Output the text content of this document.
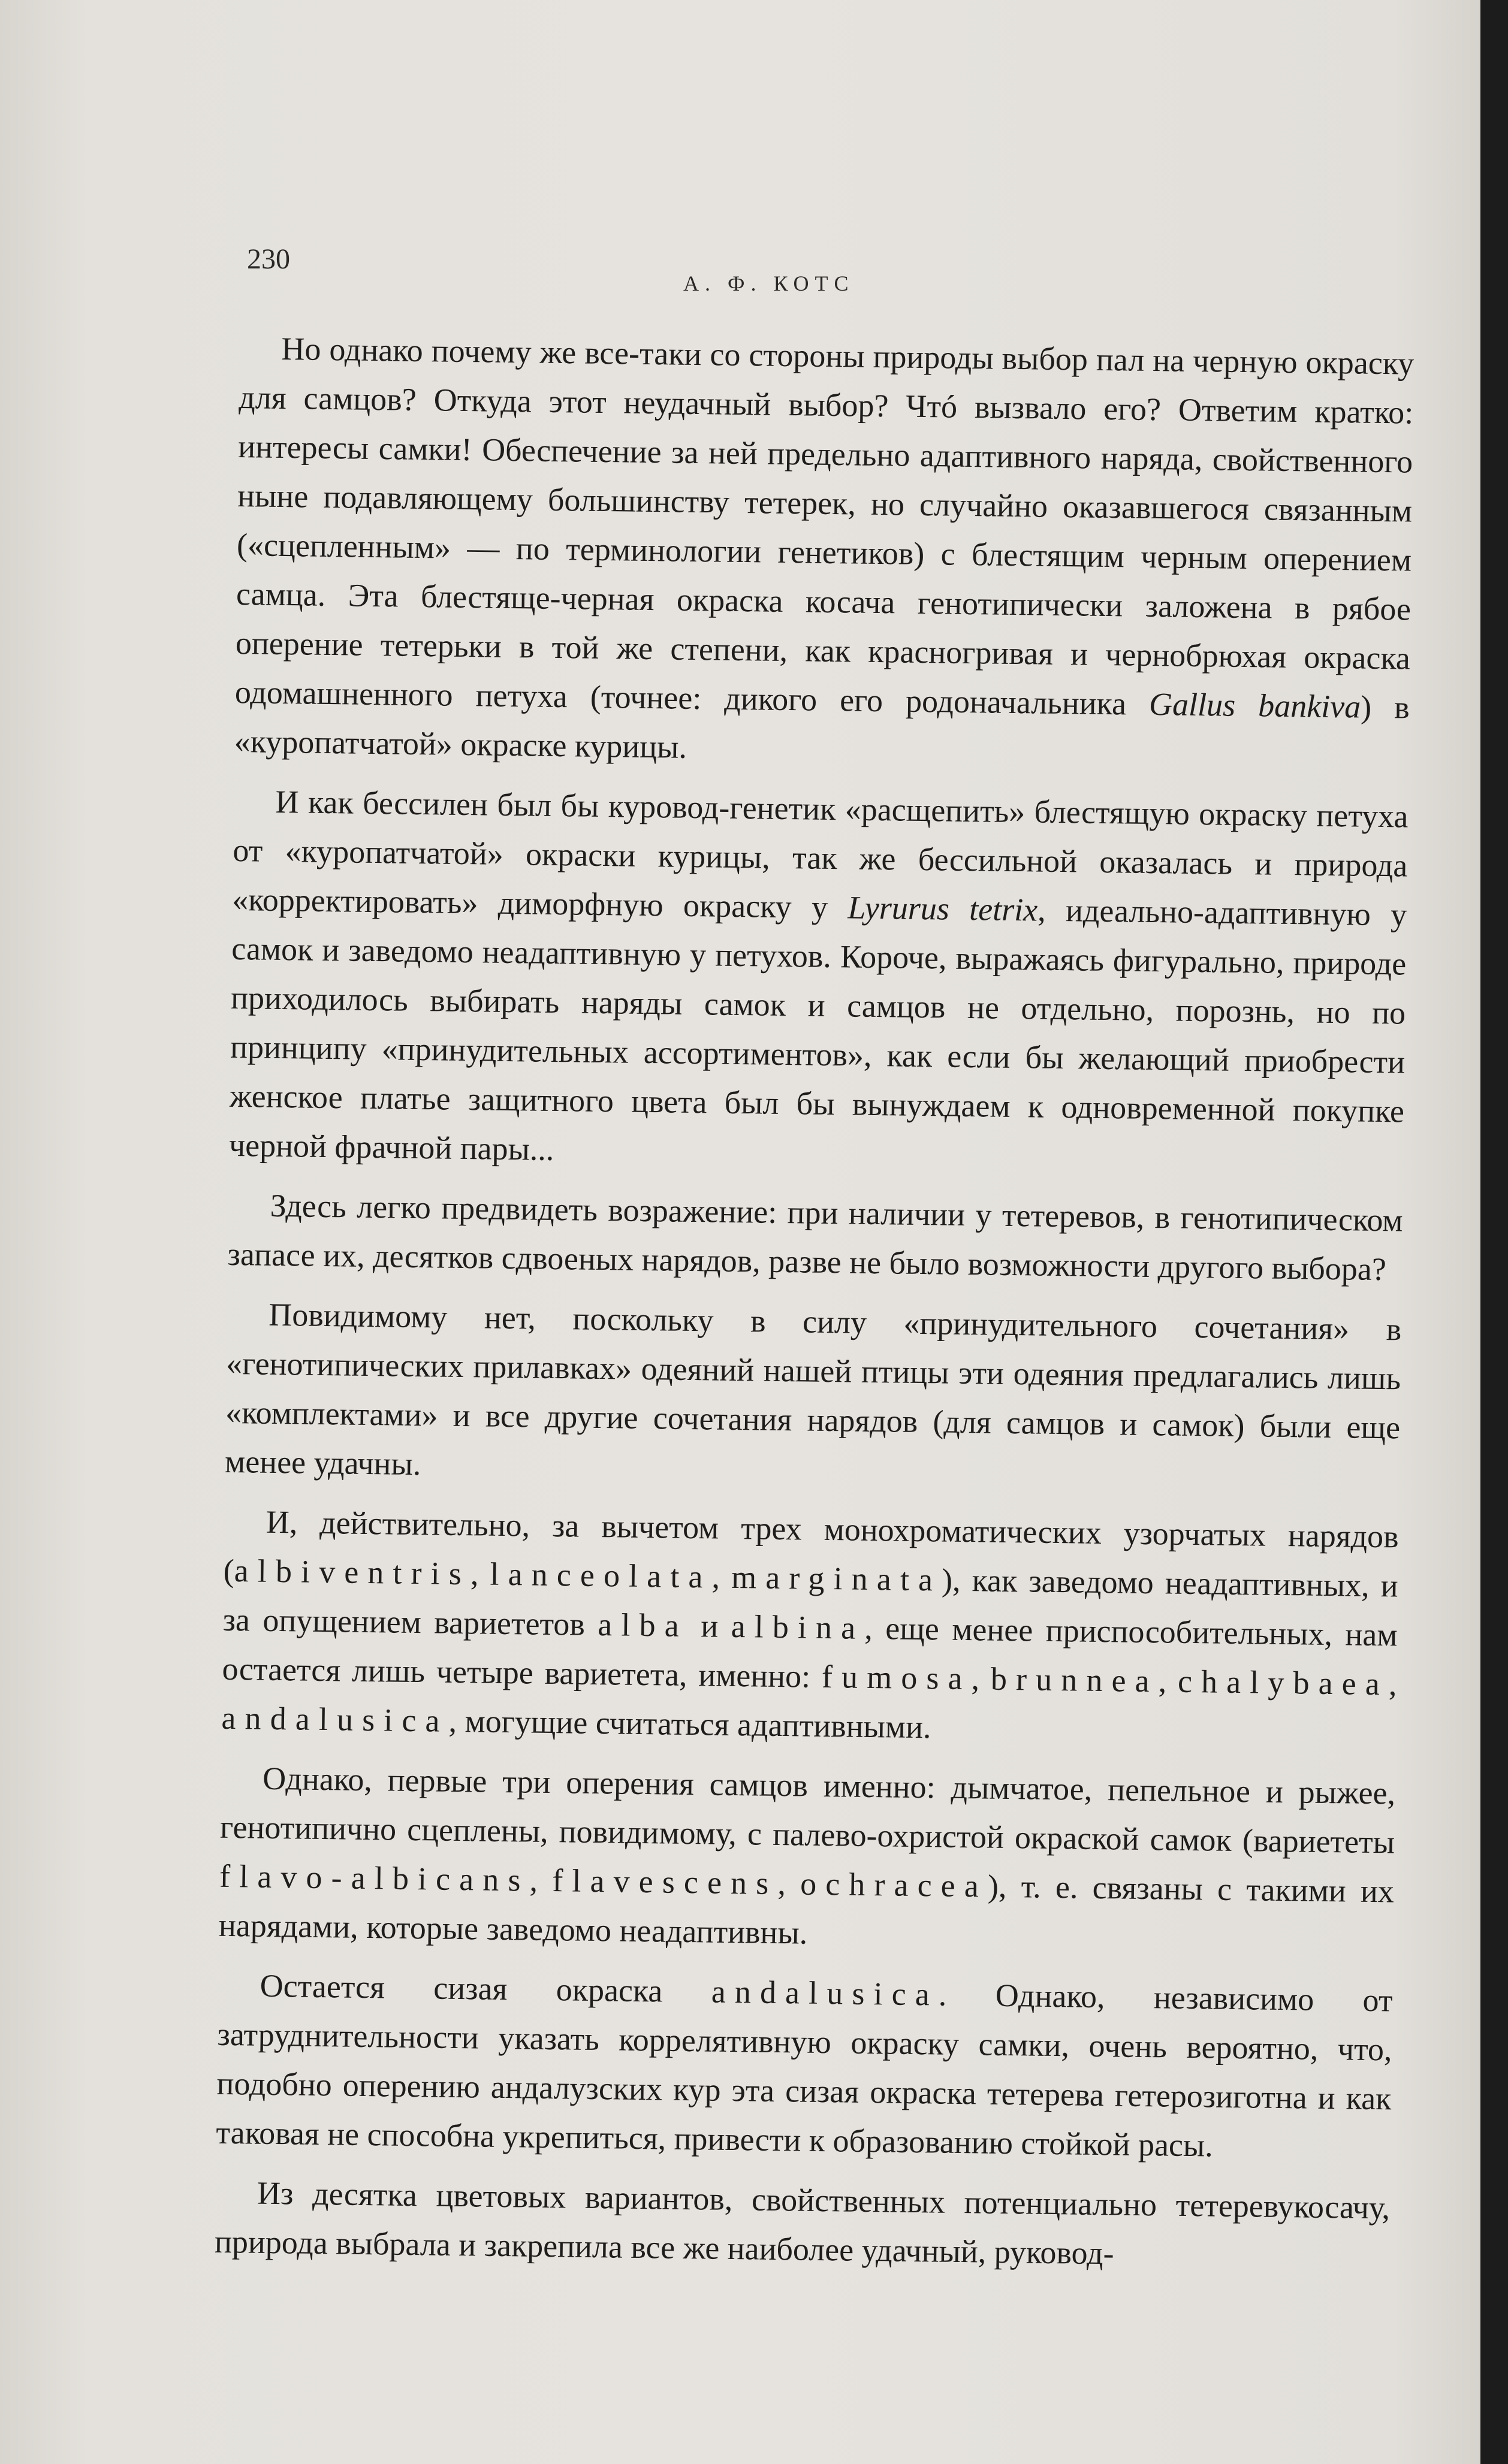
230
А. Ф. КОТС

Но однако почему же все-таки со стороны природы выбор пал на черную окраску для самцов? Откуда этот неудачный выбор? Чтó вызвало его? Ответим кратко: интересы самки! Обеспечение за ней предельно адаптивного наряда, свойственного ныне подавляющему большинству тетерек, но случайно оказавшегося связанным («сцепленным» — по терминологии генетиков) с блестящим черным оперением самца. Эта блестяще-черная окраска косача генотипически заложена в рябое оперение тетерьки в той же степени, как красногривая и чернобрюхая окраска одомашненного петуха (точнее: дикого его родоначальника Gallus bankiva) в «куропатчатой» окраске курицы.

И как бессилен был бы куровод-генетик «расщепить» блестящую окраску петуха от «куропатчатой» окраски курицы, так же бессильной оказалась и природа «корректировать» диморфную окраску у Lyrurus tetrix, идеально-адаптивную у самок и заведомо неадаптивную у петухов. Короче, выражаясь фигурально, природе приходилось выбирать наряды самок и самцов не отдельно, порознь, но по принципу «принудительных ассортиментов», как если бы желающий приобрести женское платье защитного цвета был бы вынуждаем к одновременной покупке черной фрачной пары...

Здесь легко предвидеть возражение: при наличии у тетеревов, в генотипическом запасе их, десятков сдвоеных нарядов, разве не было возможности другого выбора?

Повидимому нет, поскольку в силу «принудительного сочетания» в «генотипических прилавках» одеяний нашей птицы эти одеяния предлагались лишь «комплектами» и все другие сочетания нарядов (для самцов и самок) были еще менее удачны.

И, действительно, за вычетом трех монохроматических узорчатых нарядов (albiventris, lanceolata, marginata), как заведомо неадаптивных, и за опущением вариететов alba и albina, еще менее приспособительных, нам остается лишь четыре вариетета, именно: fumosa, brunnea, chalybaea, andalusica, могущие считаться адаптивными.

Однако, первые три оперения самцов именно: дымчатое, пепельное и рыжее, генотипично сцеплены, повидимому, с палево-охристой окраской самок (вариететы flavo-albicans, flavescens, ochracea), т. е. связаны с такими их нарядами, которые заведомо неадаптивны.

Остается сизая окраска andalusica. Однако, независимо от затруднительности указать коррелятивную окраску самки, очень вероятно, что, подобно оперению андалузских кур эта сизая окраска тетерева гетерозиготна и как таковая не способна укрепиться, привести к образованию стойкой расы.

Из десятка цветовых вариантов, свойственных потенциально тетеревукосачу, природа выбрала и закрепила все же наиболее удачный, руковод-
